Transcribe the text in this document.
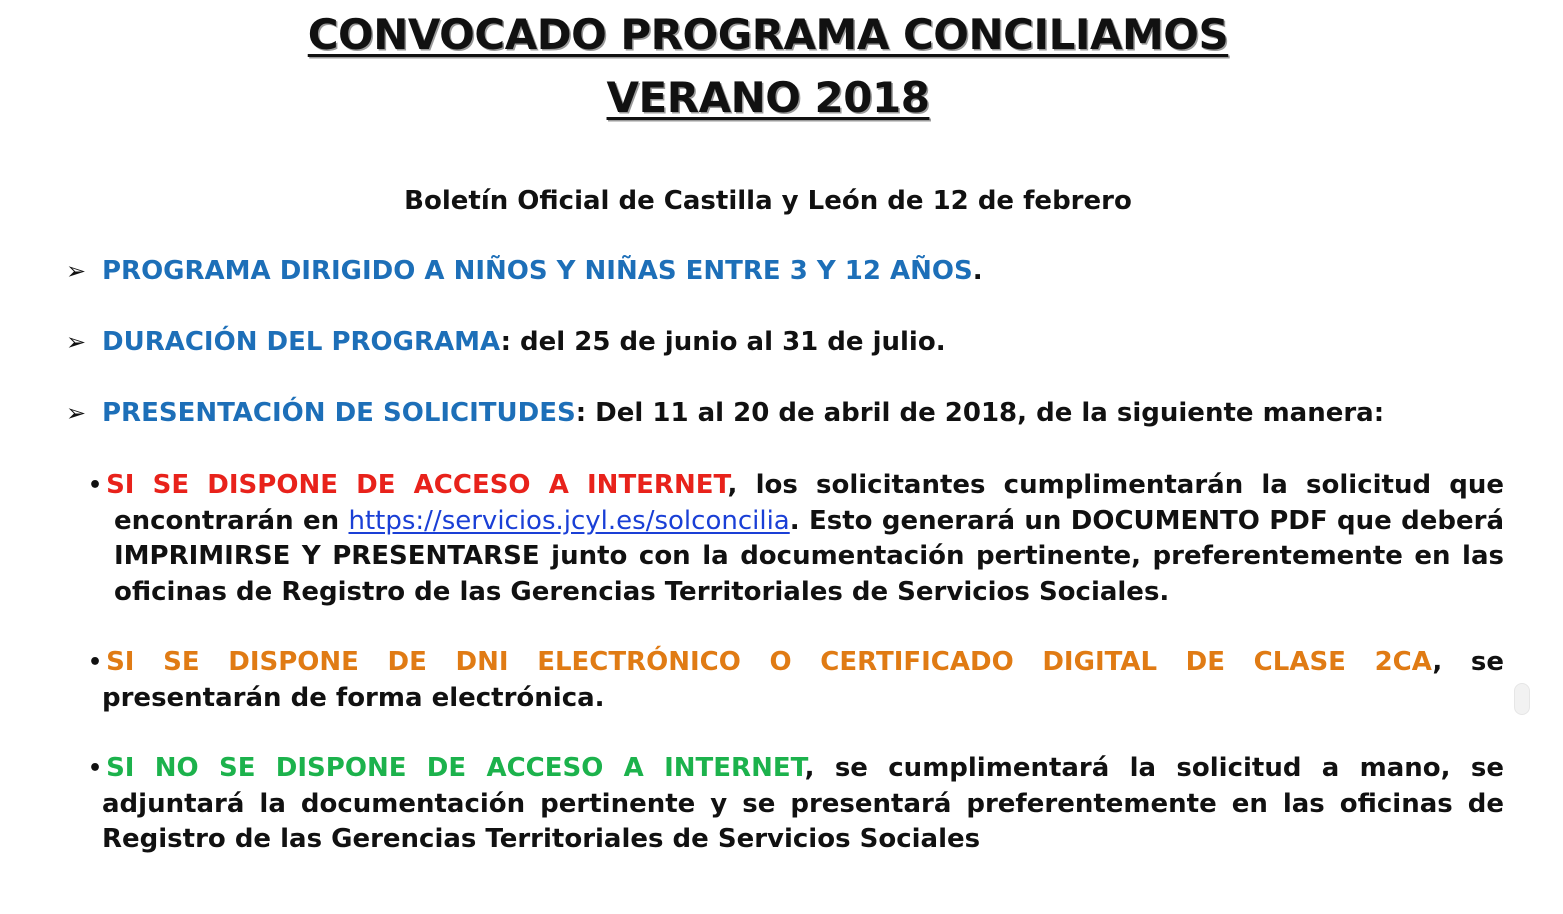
CONVOCADO PROGRAMA CONCILIAMOS
VERANO 2018
Boletín Oficial de Castilla y León de 12 de febrero
➢ PROGRAMA DIRIGIDO A NIÑOS Y NIÑAS ENTRE 3 Y 12 AÑOS.
➢ DURACIÓN DEL PROGRAMA: del 25 de junio al 31 de julio.
➢ PRESENTACIÓN DE SOLICITUDES: Del 11 al 20 de abril de 2018, de la siguiente manera:
• SI SE DISPONE DE ACCESO A INTERNET, los solicitantes cumplimentarán la solicitud que
encontrarán en https://servicios.jcyl.es/solconcilia. Esto generará un DOCUMENTO PDF que deberá
IMPRIMIRSE Y PRESENTARSE junto con la documentación pertinente, preferentemente en las
oficinas de Registro de las Gerencias Territoriales de Servicios Sociales.
• SI SE DISPONE DE DNI ELECTRÓNICO O CERTIFICADO DIGITAL DE CLASE 2CA, se
presentarán de forma electrónica.
• SI NO SE DISPONE DE ACCESO A INTERNET, se cumplimentará la solicitud a mano, se
adjuntará la documentación pertinente y se presentará preferentemente en las oficinas de
Registro de las Gerencias Territoriales de Servicios Sociales
